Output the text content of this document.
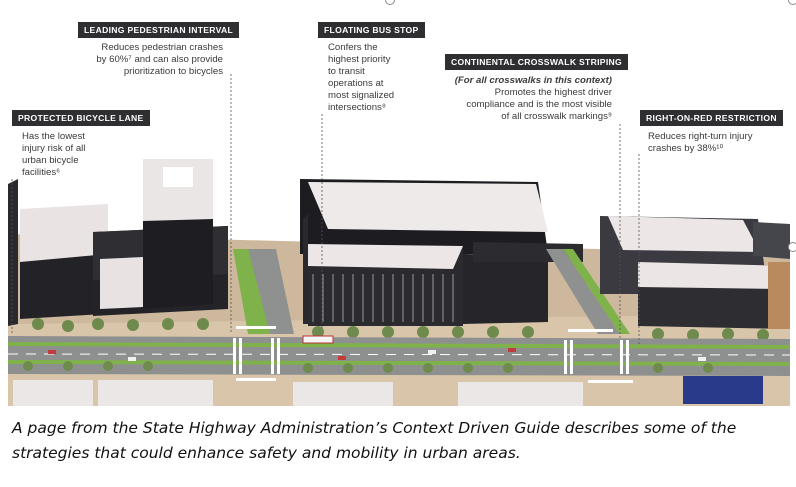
LEADING PEDESTRIAN INTERVAL
Reduces pedestrian crashes
by 60%⁷ and can also provide
prioritization to bicycles
FLOATING BUS STOP
Confers the
highest priority
to transit
operations at
most signalized
intersections⁸
CONTINENTAL CROSSWALK STRIPING
(For all crosswalks in this context)
Promotes the highest driver
compliance and is the most visible
of all crosswalk markings⁹
PROTECTED BICYCLE LANE
Has the lowest
injury risk of all
urban bicycle
facilities⁶
RIGHT-ON-RED RESTRICTION
Reduces right-turn injury
crashes by 38%¹⁰
A page from the State Highway Administration’s Context Driven Guide describes some of the
strategies that could enhance safety and mobility in urban areas.
